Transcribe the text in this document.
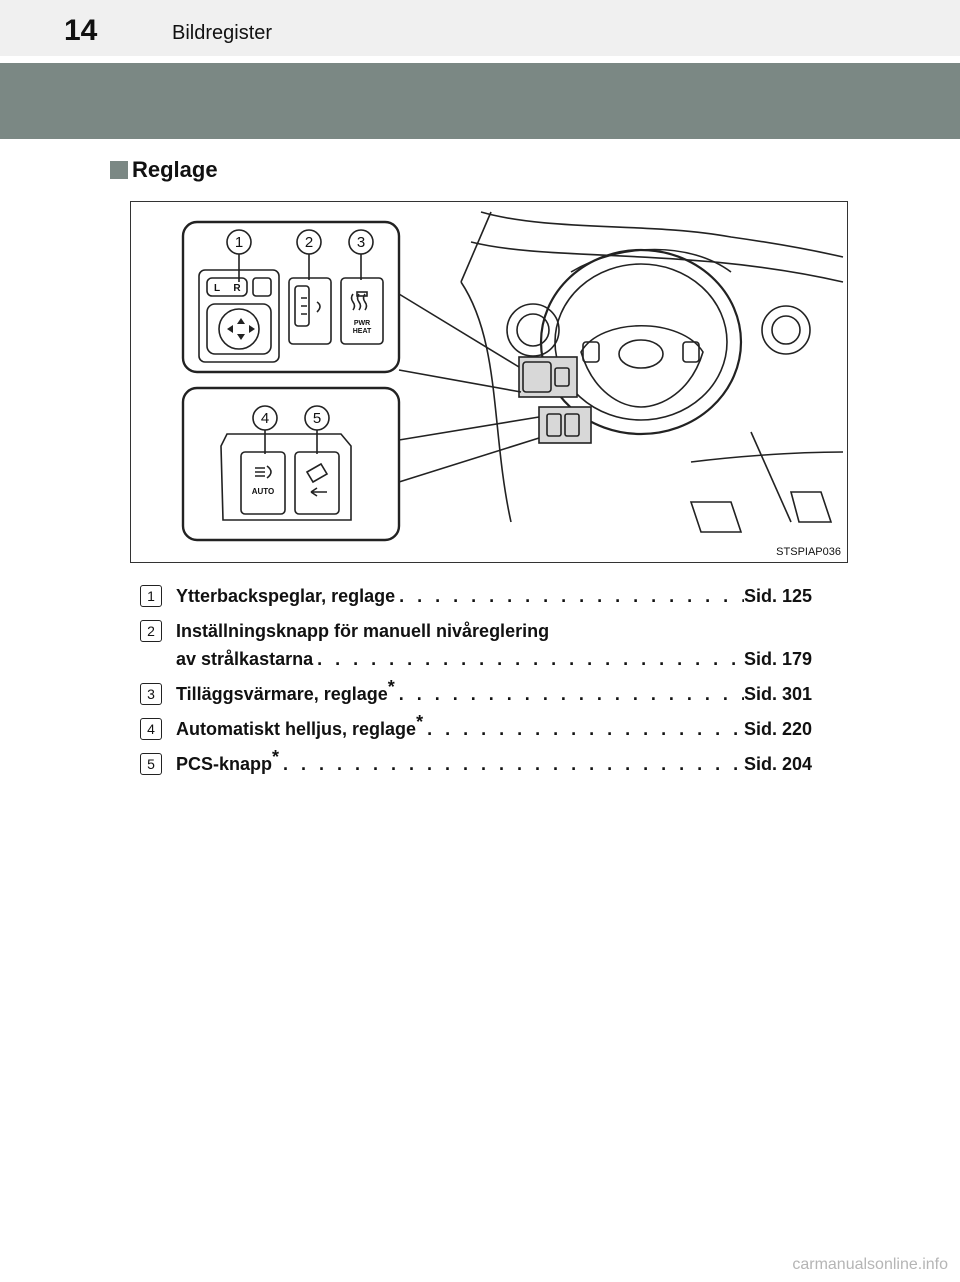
14	Bildregister
Reglage
1	2	3
4	5
L R
PWR
HEAT
AUTO
STSPIAP036
1	Ytterbackspeglar, reglage . . .	Sid. 125
2	Inställningsknapp för manuell nivåreglering
av strålkastarna . . .	Sid. 179
3	Tilläggsvärmare, reglage* . . .	Sid. 301
4	Automatiskt helljus, reglage* . . .	Sid. 220
5	PCS-knapp* . . .	Sid. 204
carmanualsonline.info
